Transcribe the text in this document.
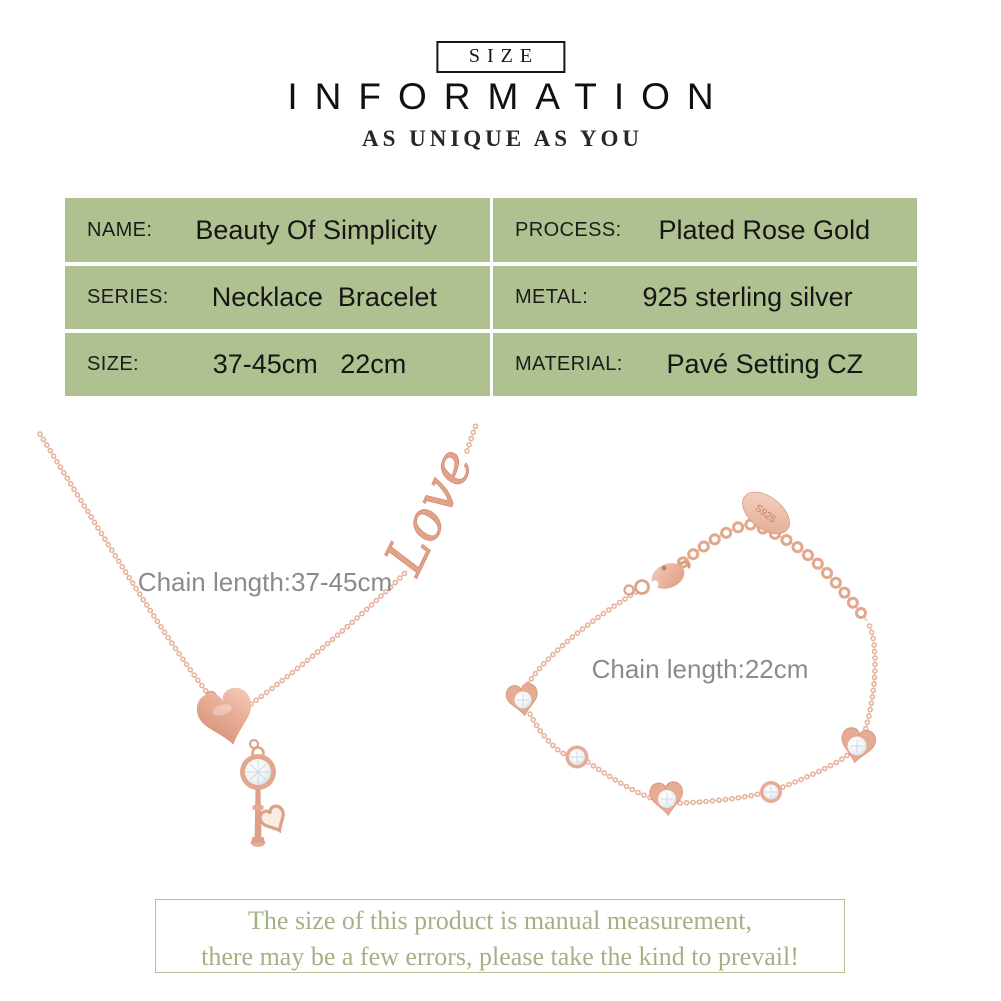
SIZE
INFORMATION
AS UNIQUE AS YOU
NAME:	Beauty Of Simplicity	PROCESS:	Plated Rose Gold
SERIES:	Necklace  Bracelet	METAL:	925 sterling silver
SIZE:	37-45cm   22cm	MATERIAL:	Pavé Setting CZ
Love
Chain length:37-45cm
S925
Chain length:22cm
The size of this product is manual measurement,
there may be a few errors, please take the kind to prevail!
